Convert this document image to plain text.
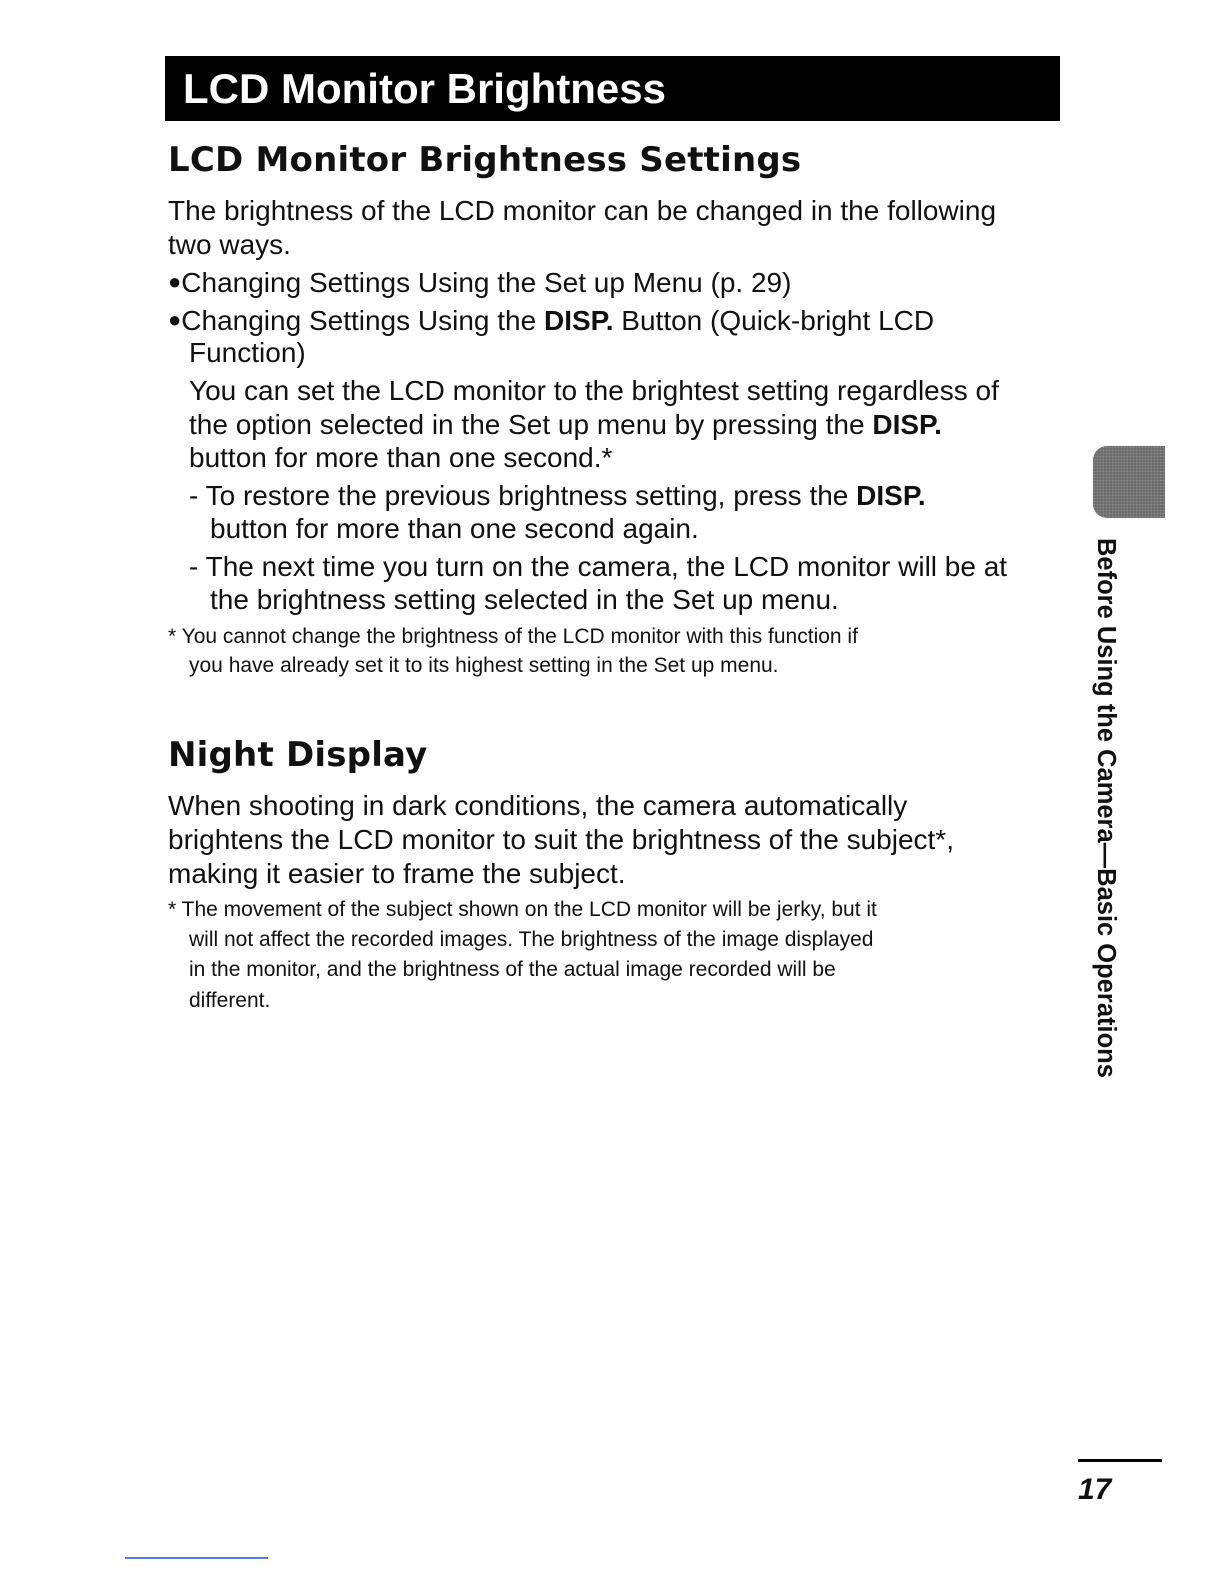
LCD Monitor Brightness
LCD Monitor Brightness Settings
The brightness of the LCD monitor can be changed in the following
two ways.
●Changing Settings Using the Set up Menu (p. 29)
●Changing Settings Using the DISP. Button (Quick-bright LCD
Function)
You can set the LCD monitor to the brightest setting regardless of
the option selected in the Set up menu by pressing the DISP.
button for more than one second.*
- To restore the previous brightness setting, press the DISP.
button for more than one second again.
- The next time you turn on the camera, the LCD monitor will be at
the brightness setting selected in the Set up menu.
* You cannot change the brightness of the LCD monitor with this function if
you have already set it to its highest setting in the Set up menu.
Night Display
When shooting in dark conditions, the camera automatically
brightens the LCD monitor to suit the brightness of the subject*,
making it easier to frame the subject.
* The movement of the subject shown on the LCD monitor will be jerky, but it
will not affect the recorded images. The brightness of the image displayed
in the monitor, and the brightness of the actual image recorded will be
different.	Before Using the Camera—Basic Operations
17
